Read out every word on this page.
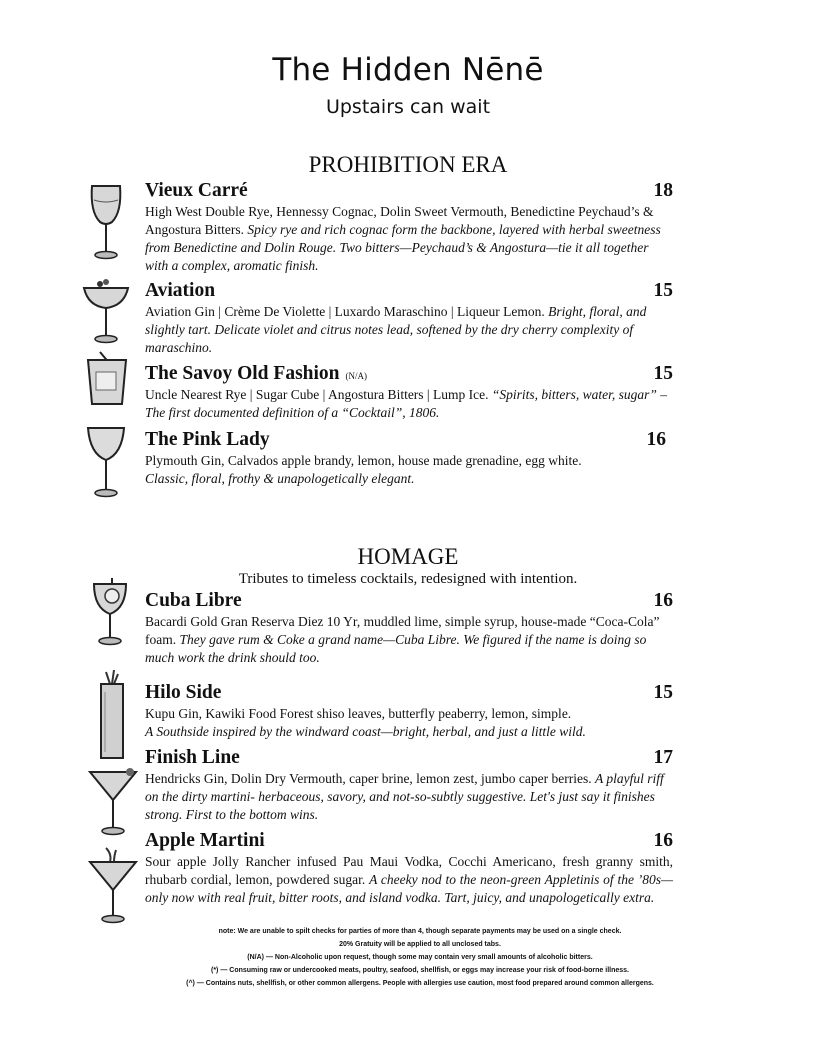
The Hidden Nēnē
Upstairs can wait
PROHIBITION ERA
Vieux Carré	18
High West Double Rye, Hennessy Cognac, Dolin Sweet Vermouth, Benedictine Peychaud’s & Angostura Bitters. Spicy rye and rich cognac form the backbone, layered with herbal sweetness from Benedictine and Dolin Rouge. Two bitters—Peychaud’s & Angostura—tie it all together with a complex, aromatic finish.
Aviation	15
Aviation Gin | Crème De Violette | Luxardo Maraschino | Liqueur Lemon. Bright, floral, and slightly tart. Delicate violet and citrus notes lead, softened by the dry cherry complexity of maraschino.
The Savoy Old Fashion (N/A)	15
Uncle Nearest Rye | Sugar Cube | Angostura Bitters | Lump Ice. “Spirits, bitters, water, sugar” – The first documented definition of a “Cocktail”, 1806.
The Pink Lady	16
Plymouth Gin, Calvados apple brandy, lemon, house made grenadine, egg white.
Classic, floral, frothy & unapologetically elegant.
HOMAGE
Tributes to timeless cocktails, redesigned with intention.
Cuba Libre	16
Bacardi Gold Gran Reserva Diez 10 Yr, muddled lime, simple syrup, house-made “Coca-Cola” foam. They gave rum & Coke a grand name—Cuba Libre. We figured if the name is doing so much work the drink should too.
Hilo Side	15
Kupu Gin, Kawiki Food Forest shiso leaves, butterfly peaberry, lemon, simple.
A Southside inspired by the windward coast—bright, herbal, and just a little wild.
Finish Line	17
Hendricks Gin, Dolin Dry Vermouth, caper brine, lemon zest, jumbo caper berries. A playful riff on the dirty martini- herbaceous, savory, and not-so-subtly suggestive. Let's just say it finishes strong. First to the bottom wins.
Apple Martini	16
Sour apple Jolly Rancher infused Pau Maui Vodka, Cocchi Americano, fresh granny smith, rhubarb cordial, lemon, powdered sugar. A cheeky nod to the neon-green Appletinis of the ’80s—only now with real fruit, bitter roots, and island vodka. Tart, juicy, and unapologetically extra.
note: We are unable to spilt checks for parties of more than 4, though separate payments may be used on a single check.
20% Gratuity will be applied to all unclosed tabs.
(N/A) — Non-Alcoholic upon request, though some may contain very small amounts of alcoholic bitters.
(*) — Consuming raw or undercooked meats, poultry, seafood, shellfish, or eggs may increase your risk of food-borne illness.
(^) — Contains nuts, shellfish, or other common allergens. People with allergies use caution, most food prepared around common allergens.
